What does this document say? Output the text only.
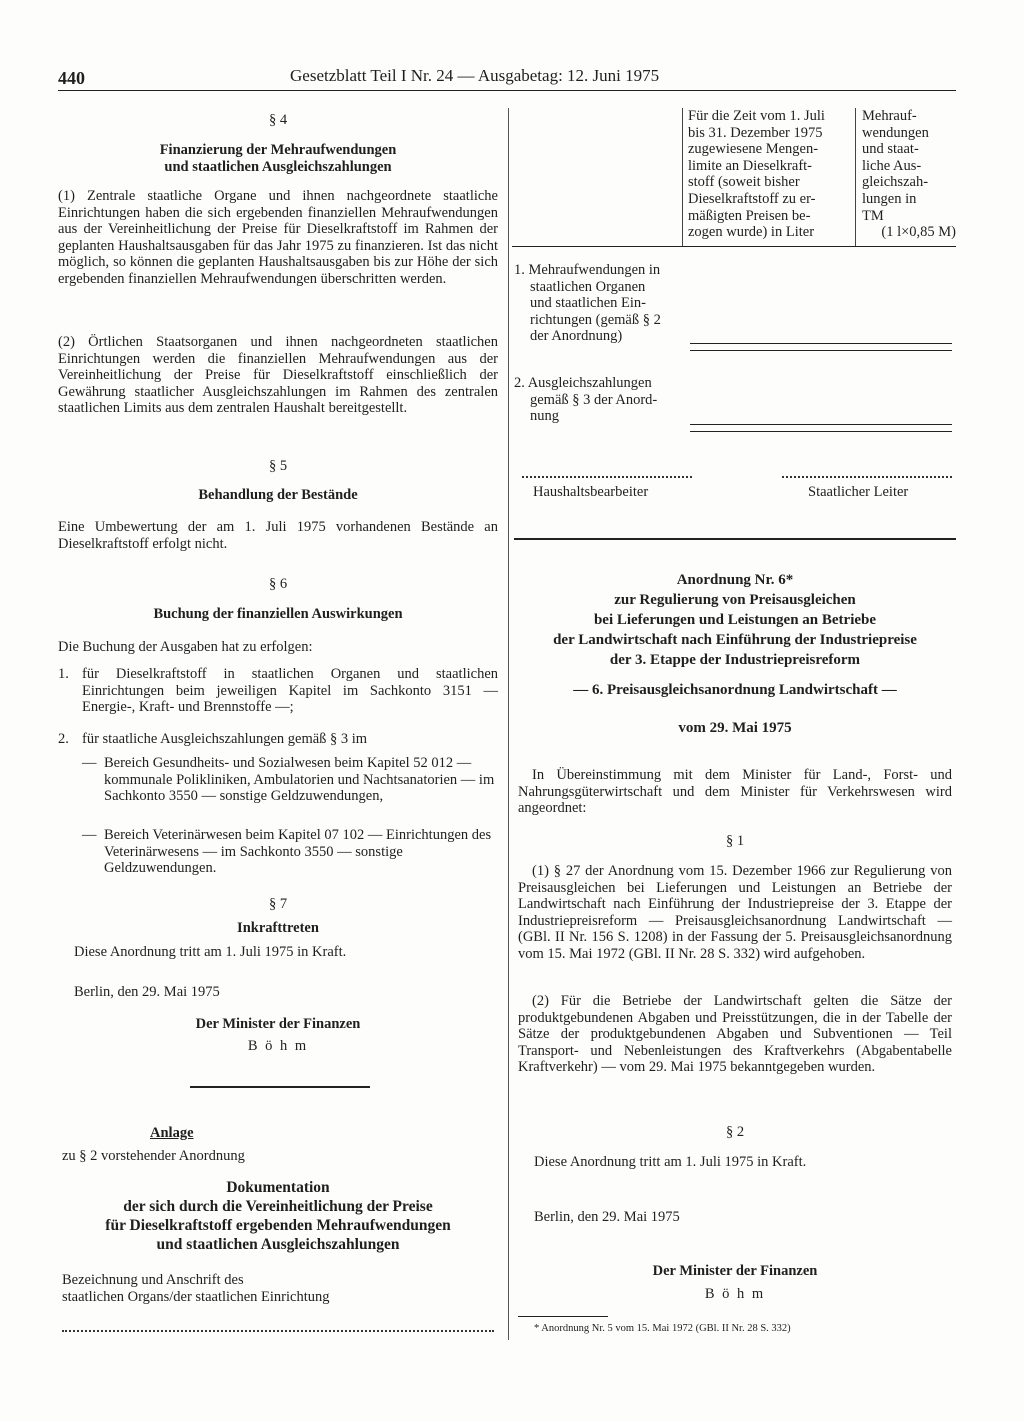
440	Gesetzblatt Teil I Nr. 24 — Ausgabetag: 12. Juni 1975
§ 4
Finanzierung der Mehraufwendungen
und staatlichen Ausgleichszahlungen
(1) Zentrale staatliche Organe und ihnen nachgeordnete staatliche Einrichtungen haben die sich ergebenden finanziellen Mehraufwendungen aus der Vereinheitlichung der Preise für Dieselkraftstoff im Rahmen der geplanten Haushaltsausgaben für das Jahr 1975 zu finanzieren. Ist das nicht möglich, so können die geplanten Haushaltsausgaben bis zur Höhe der sich ergebenden finanziellen Mehraufwendungen überschritten werden.
(2) Örtlichen Staatsorganen und ihnen nachgeordneten staatlichen Einrichtungen werden die finanziellen Mehraufwendungen aus der Vereinheitlichung der Preise für Dieselkraftstoff einschließlich der Gewährung staatlicher Ausgleichszahlungen im Rahmen des zentralen staatlichen Limits aus dem zentralen Haushalt bereitgestellt.
§ 5
Behandlung der Bestände
Eine Umbewertung der am 1. Juli 1975 vorhandenen Bestände an Dieselkraftstoff erfolgt nicht.
§ 6
Buchung der finanziellen Auswirkungen
Die Buchung der Ausgaben hat zu erfolgen:
1. für Dieselkraftstoff in staatlichen Organen und staatlichen Einrichtungen beim jeweiligen Kapitel im Sachkonto 3151 — Energie-, Kraft- und Brennstoffe —;
2. für staatliche Ausgleichszahlungen gemäß § 3 im
— Bereich Gesundheits- und Sozialwesen beim Kapitel 52 012 — kommunale Polikliniken, Ambulatorien und Nachtsanatorien — im Sachkonto 3550 — sonstige Geldzuwendungen,
— Bereich Veterinärwesen beim Kapitel 07 102 — Einrichtungen des Veterinärwesens — im Sachkonto 3550 — sonstige Geldzuwendungen.
§ 7
Inkrafttreten
Diese Anordnung tritt am 1. Juli 1975 in Kraft.
Berlin, den 29. Mai 1975
Der Minister der Finanzen
B ö h m
Anlage
zu § 2 vorstehender Anordnung
Dokumentation
der sich durch die Vereinheitlichung der Preise
für Dieselkraftstoff ergebenden Mehraufwendungen
und staatlichen Ausgleichszahlungen
Bezeichnung und Anschrift des
staatlichen Organs/der staatlichen Einrichtung
Für die Zeit vom 1. Juli
bis 31. Dezember 1975
zugewiesene Mengen-
limite an Dieselkraft-
stoff (soweit bisher
Dieselkraftstoff zu er-
mäßigten Preisen be-
zogen wurde) in Liter
Mehrauf-
wendungen
und staat-
liche Aus-
gleichszah-
lungen in
TM
(1 l×0,85 M)
1. Mehraufwendungen in
staatlichen Organen
und staatlichen Ein-
richtungen (gemäß § 2
der Anordnung)
2. Ausgleichszahlungen
gemäß § 3 der Anord-
nung
Haushaltsbearbeiter	Staatlicher Leiter
Anordnung Nr. 6*
zur Regulierung von Preisausgleichen
bei Lieferungen und Leistungen an Betriebe
der Landwirtschaft nach Einführung der Industriepreise
der 3. Etappe der Industriepreisreform
— 6. Preisausgleichsanordnung Landwirtschaft —
vom 29. Mai 1975
In Übereinstimmung mit dem Minister für Land-, Forst- und Nahrungsgüterwirtschaft und dem Minister für Verkehrswesen wird angeordnet:
§ 1
(1) § 27 der Anordnung vom 15. Dezember 1966 zur Regulierung von Preisausgleichen bei Lieferungen und Leistungen an Betriebe der Landwirtschaft nach Einführung der Industriepreise der 3. Etappe der Industriepreisreform — Preisausgleichsanordnung Landwirtschaft — (GBl. II Nr. 156 S. 1208) in der Fassung der 5. Preisausgleichsanordnung vom 15. Mai 1972 (GBl. II Nr. 28 S. 332) wird aufgehoben.
(2) Für die Betriebe der Landwirtschaft gelten die Sätze der produktgebundenen Abgaben und Preisstützungen, die in der Tabelle der Sätze der produktgebundenen Abgaben und Subventionen — Teil Transport- und Nebenleistungen des Kraftverkehrs (Abgabentabelle Kraftverkehr) — vom 29. Mai 1975 bekanntgegeben wurden.
§ 2
Diese Anordnung tritt am 1. Juli 1975 in Kraft.
Berlin, den 29. Mai 1975
Der Minister der Finanzen
B ö h m
* Anordnung Nr. 5 vom 15. Mai 1972 (GBl. II Nr. 28 S. 332)
